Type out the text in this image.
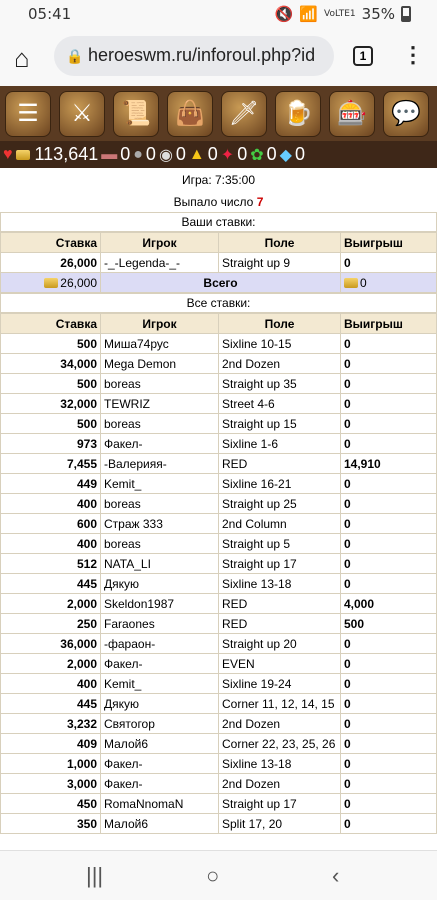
05:41	🔇 📶 VoLTE1 35%
⌂	🔒 heroeswm.ru/inforoul.php?id	1	⋮
☰	⚔	📜	👜 🗡 🍺	🎰	💬
♥ 113,641 ▬ 0 ● 0 ◉ 0 ▲ 0 ✦ 0 ✿ 0 ◆ 0
Игра: 7:35:00
Выпало число 7
Ваши ставки:
Ставка	Игрок	Поле	Выигрыш
26,000	-_-Legenda-_-	Straight up 9	0
26,000	Всего		0
Все ставки:
Ставка	Игрок	Поле	Выигрыш
500	Миша74рус	Sixline 10-15	0
34,000	Mega Demon	2nd Dozen	0
500	boreas	Straight up 35	0
32,000	TEWRIZ	Street 4-6	0
500	boreas	Straight up 15	0
973	Факел-	Sixline 1-6	0
7,455	-Валерияя-	RED	14,910
449	Kemit_	Sixline 16-21	0
400	boreas	Straight up 25	0
600	Страж 333	2nd Column	0
400	boreas	Straight up 5	0
512	NATA_LI	Straight up 17	0
445	Дякую	Sixline 13-18	0
2,000	Skeldon1987	RED	4,000
250	Faraones	RED	500
36,000	-фараон-	Straight up 20	0
2,000	Факел-	EVEN	0
400	Kemit_	Sixline 19-24	0
445	Дякую	Corner 11, 12, 14, 15	0
3,232	Святогор	2nd Dozen	0
409	Малой6	Corner 22, 23, 25, 26	0
1,000	Факел-	Sixline 13-18	0
3,000	Факел-	2nd Dozen	0
450	RomaNnomaN	Straight up 17	0
350	Малой6	Split 17, 20	0
|||	○	‹
